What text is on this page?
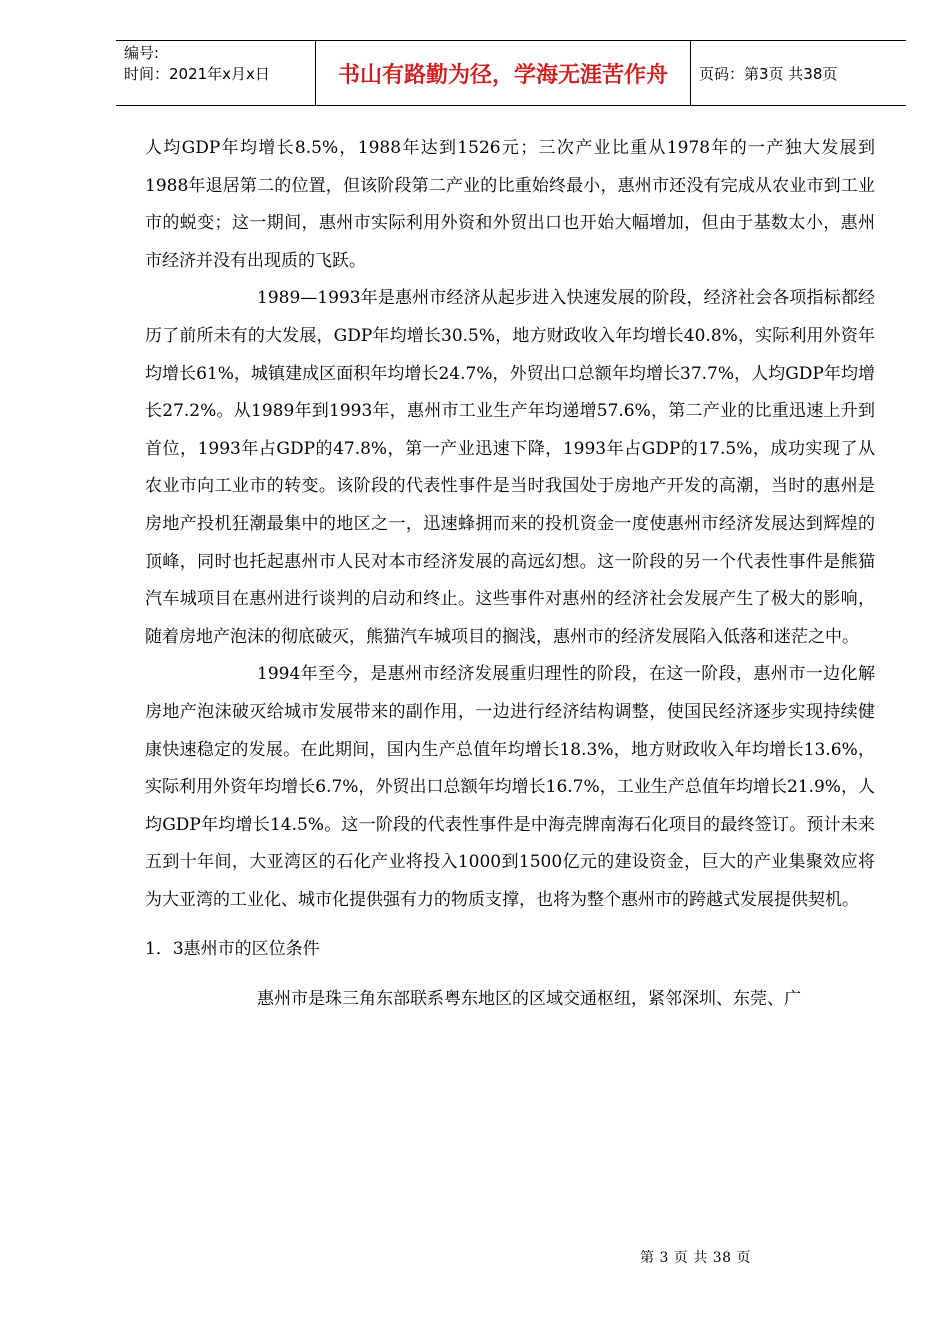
编号:
时间：2021年x月x日	书山有路勤为径，学海无涯苦作舟	页码：第3页 共38页

人均GDP年均增长8.5%，1988年达到1526元；三次产业比重从1978年的一产独大发展到1988年退居第二的位置，但该阶段第二产业的比重始终最小，惠州市还没有完成从农业市到工业市的蜕变；这一期间，惠州市实际利用外资和外贸出口也开始大幅增加，但由于基数太小，惠州市经济并没有出现质的飞跃。

1989—1993年是惠州市经济从起步进入快速发展的阶段，经济社会各项指标都经历了前所未有的大发展，GDP年均增长30.5%，地方财政收入年均增长40.8%，实际利用外资年均增长61%，城镇建成区面积年均增长24.7%，外贸出口总额年均增长37.7%，人均GDP年均增长27.2%。从1989年到1993年，惠州市工业生产年均递增57.6%，第二产业的比重迅速上升到首位，1993年占GDP的47.8%，第一产业迅速下降，1993年占GDP的17.5%，成功实现了从农业市向工业市的转变。该阶段的代表性事件是当时我国处于房地产开发的高潮，当时的惠州是房地产投机狂潮最集中的地区之一，迅速蜂拥而来的投机资金一度使惠州市经济发展达到辉煌的顶峰，同时也托起惠州市人民对本市经济发展的高远幻想。这一阶段的另一个代表性事件是熊猫汽车城项目在惠州进行谈判的启动和终止。这些事件对惠州的经济社会发展产生了极大的影响，随着房地产泡沫的彻底破灭，熊猫汽车城项目的搁浅，惠州市的经济发展陷入低落和迷茫之中。

1994年至今，是惠州市经济发展重归理性的阶段，在这一阶段，惠州市一边化解房地产泡沫破灭给城市发展带来的副作用，一边进行经济结构调整，使国民经济逐步实现持续健康快速稳定的发展。在此期间，国内生产总值年均增长18.3%，地方财政收入年均增长13.6%，实际利用外资年均增长6.7%，外贸出口总额年均增长16.7%，工业生产总值年均增长21.9%，人均GDP年均增长14.5%。这一阶段的代表性事件是中海壳牌南海石化项目的最终签订。预计未来五到十年间，大亚湾区的石化产业将投入1000到1500亿元的建设资金，巨大的产业集聚效应将为大亚湾的工业化、城市化提供强有力的物质支撑，也将为整个惠州市的跨越式发展提供契机。

1．3惠州市的区位条件

惠州市是珠三角东部联系粤东地区的区域交通枢纽，紧邻深圳、东莞、广

第 3 页 共 38 页
